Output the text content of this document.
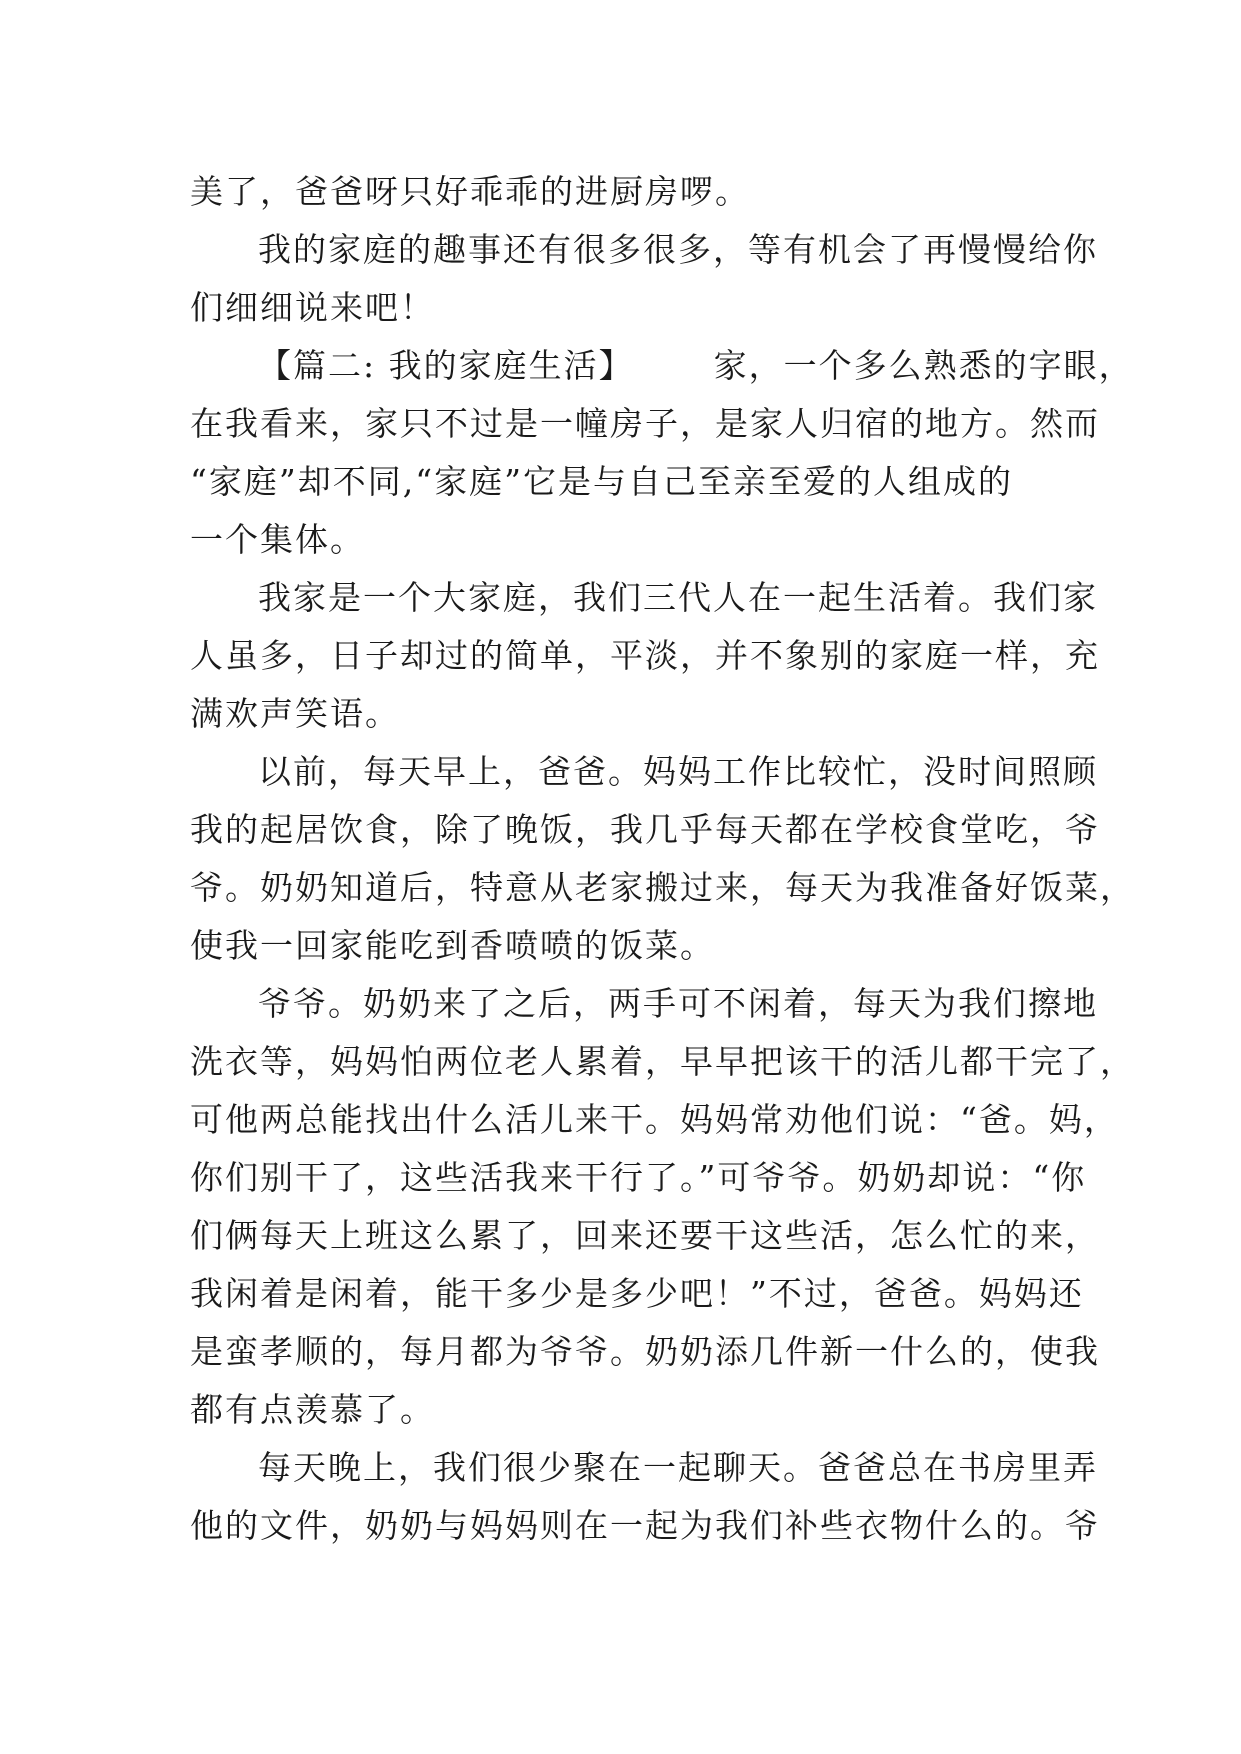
美了，爸爸呀只好乖乖的进厨房啰。
我的家庭的趣事还有很多很多，等有机会了再慢慢给你
们细细说来吧！
【篇二: 我的家庭生活】 家，一个多么熟悉的字眼，
在我看来，家只不过是一幢房子，是家人归宿的地方。然而
“家庭”却不同,“家庭”它是与自己至亲至爱的人组成的
一个集体。
我家是一个大家庭，我们三代人在一起生活着。我们家
人虽多，日子却过的简单，平淡，并不象别的家庭一样，充
满欢声笑语。
以前，每天早上，爸爸。妈妈工作比较忙，没时间照顾
我的起居饮食，除了晚饭，我几乎每天都在学校食堂吃，爷
爷。奶奶知道后，特意从老家搬过来，每天为我准备好饭菜，
使我一回家能吃到香喷喷的饭菜。
爷爷。奶奶来了之后，两手可不闲着，每天为我们擦地
洗衣等，妈妈怕两位老人累着，早早把该干的活儿都干完了，
可他两总能找出什么活儿来干。妈妈常劝他们说：“爸。妈，
你们别干了，这些活我来干行了。”可爷爷。奶奶却说：“你
们俩每天上班这么累了，回来还要干这些活，怎么忙的来，
我闲着是闲着，能干多少是多少吧！”不过，爸爸。妈妈还
是蛮孝顺的，每月都为爷爷。奶奶添几件新一什么的，使我
都有点羡慕了。
每天晚上，我们很少聚在一起聊天。爸爸总在书房里弄
他的文件，奶奶与妈妈则在一起为我们补些衣物什么的。爷
